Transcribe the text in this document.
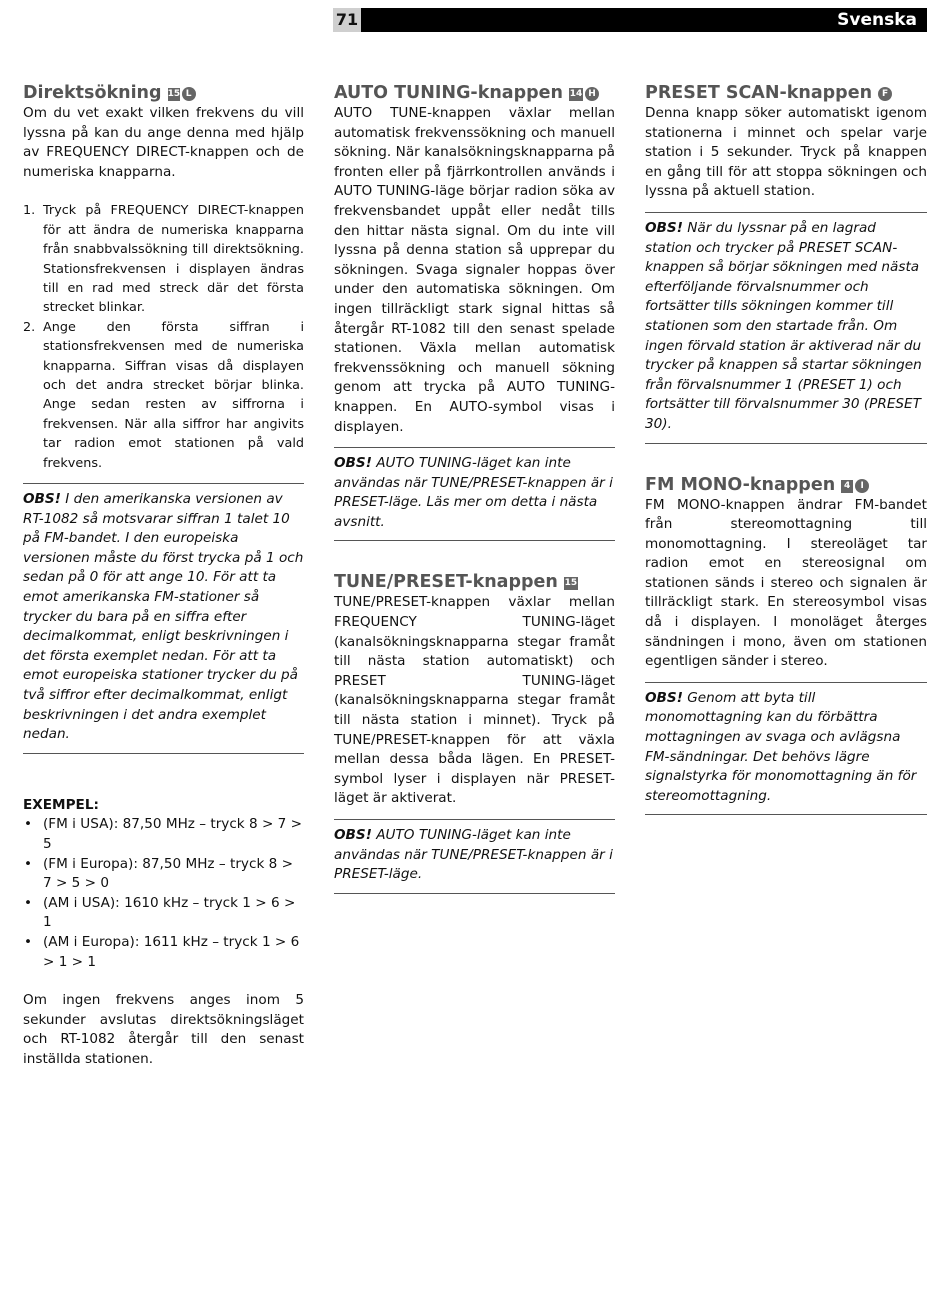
71	Svenska
Direktsökning 15 L

Om du vet exakt vilken frekvens du vill lyssna på kan du ange denna med hjälp av FREQUENCY DIRECT-knappen och de numeriska knapparna.

1. Tryck på FREQUENCY DIRECT-knappen för att ändra de numeriska knapparna från snabbvalssökning till direktsökning. Stationsfrekvensen i displayen ändras till en rad med streck där det första strecket blinkar.
2. Ange den första siffran i stationsfrekvensen med de numeriska knapparna. Siffran visas då displayen och det andra strecket börjar blinka. Ange sedan resten av siffrorna i frekvensen. När alla siffror har angivits tar radion emot stationen på vald frekvens.
OBS! I den amerikanska versionen av RT-1082 så motsvarar siffran 1 talet 10 på FM-bandet. I den europeiska versionen måste du först trycka på 1 och sedan på 0 för att ange 10. För att ta emot amerikanska FM-stationer så trycker du bara på en siffra efter decimalkommat, enligt beskrivningen i det första exemplet nedan. För att ta emot europeiska stationer trycker du på två siffror efter decimalkommat, enligt beskrivningen i det andra exemplet nedan.
EXEMPEL:
• (FM i USA): 87,50 MHz – tryck 8 > 7 > 5
• (FM i Europa): 87,50 MHz – tryck 8 > 7 > 5 > 0
• (AM i USA): 1610 kHz – tryck 1 > 6 > 1
• (AM i Europa): 1611 kHz – tryck 1 > 6 > 1 > 1

Om ingen frekvens anges inom 5 sekunder avslutas direktsökningsläget och RT-1082 återgår till den senast inställda stationen.

AUTO TUNING-knappen 14 H

AUTO TUNE-knappen växlar mellan automatisk frekvenssökning och manuell sökning. När kanalsökningsknapparna på fronten eller på fjärrkontrollen används i AUTO TUNING-läge börjar radion söka av frekvensbandet uppåt eller nedåt tills den hittar nästa signal. Om du inte vill lyssna på denna station så upprepar du sökningen. Svaga signaler hoppas över under den automatiska sökningen. Om ingen tillräckligt stark signal hittas så återgår RT-1082 till den senast spelade stationen. Växla mellan automatisk frekvenssökning och manuell sökning genom att trycka på AUTO TUNING-knappen. En AUTO-symbol visas i displayen.

OBS! AUTO TUNING-läget kan inte användas när TUNE/PRESET-knappen är i PRESET-läge. Läs mer om detta i nästa avsnitt.
TUNE/PRESET-knappen 15

TUNE/PRESET-knappen växlar mellan FREQUENCY TUNING-läget (kanalsökningsknapparna stegar framåt till nästa station automatiskt) och PRESET TUNING-läget (kanalsökningsknapparna stegar framåt till nästa station i minnet). Tryck på TUNE/PRESET-knappen för att växla mellan dessa båda lägen. En PRESET-symbol lyser i displayen när PRESET-läget är aktiverat.

OBS! AUTO TUNING-läget kan inte användas när TUNE/PRESET-knappen är i PRESET-läge.
PRESET SCAN-knappen F

Denna knapp söker automatiskt igenom stationerna i minnet och spelar varje station i 5 sekunder. Tryck på knappen en gång till för att stoppa sökningen och lyssna på aktuell station.

OBS! När du lyssnar på en lagrad station och trycker på PRESET SCAN-knappen så börjar sökningen med nästa efterföljande förvalsnummer och fortsätter tills sökningen kommer till stationen som den startade från. Om ingen förvald station är aktiverad när du trycker på knappen så startar sökningen från förvalsnummer 1 (PRESET 1) och fortsätter till förvalsnummer 30 (PRESET 30).
FM MONO-knappen 4 I

FM MONO-knappen ändrar FM-bandet från stereomottagning till monomottagning. I stereoläget tar radion emot en stereosignal om stationen sänds i stereo och signalen är tillräckligt stark. En stereosymbol visas då i displayen. I monoläget återges sändningen i mono, även om stationen egentligen sänder i stereo.

OBS! Genom att byta till monomottagning kan du förbättra mottagningen av svaga och avlägsna FM-sändningar. Det behövs lägre signalstyrka för monomottagning än för stereomottagning.
